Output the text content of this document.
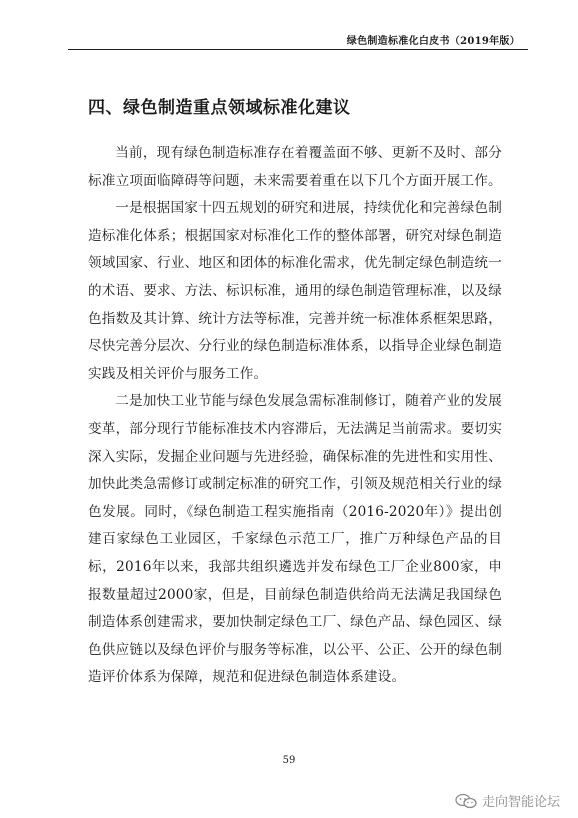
绿色制造标准化白皮书（2019年版）
四、绿色制造重点领域标准化建议

当前，现有绿色制造标准存在着覆盖面不够、更新不及时、部分标准立项面临障碍等问题，未来需要着重在以下几个方面开展工作。

一是根据国家十四五规划的研究和进展，持续优化和完善绿色制造标准化体系；根据国家对标准化工作的整体部署，研究对绿色制造领域国家、行业、地区和团体的标准化需求，优先制定绿色制造统一的术语、要求、方法、标识标准，通用的绿色制造管理标准，以及绿色指数及其计算、统计方法等标准，完善并统一标准体系框架思路，尽快完善分层次、分行业的绿色制造标准体系，以指导企业绿色制造实践及相关评价与服务工作。

二是加快工业节能与绿色发展急需标准制修订，随着产业的发展变革，部分现行节能标准技术内容滞后，无法满足当前需求。要切实深入实际，发掘企业问题与先进经验，确保标准的先进性和实用性、加快此类急需修订或制定标准的研究工作，引领及规范相关行业的绿色发展。同时，《绿色制造工程实施指南（2016-2020年）》提出创建百家绿色工业园区，千家绿色示范工厂，推广万种绿色产品的目标，2016年以来，我部共组织遴选并发布绿色工厂企业800家，申报数量超过2000家，但是，目前绿色制造供给尚无法满足我国绿色制造体系创建需求，要加快制定绿色工厂、绿色产品、绿色园区、绿色供应链以及绿色评价与服务等标准，以公平、公正、公开的绿色制造评价体系为保障，规范和促进绿色制造体系建设。

59
走向智能论坛
